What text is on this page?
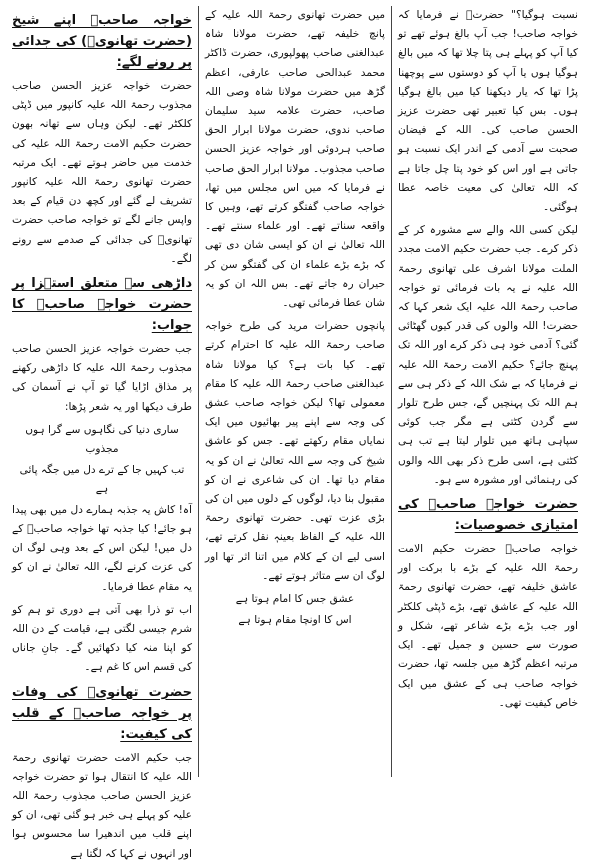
نسبت ہوگیا؟" حضرتؒ نے فرمایا کہ خواجہ صاحب! جب آپ بالغ ہوئے تھے تو کیا آپ کو پہلے ہی پتا چلا تھا کہ میں بالغ ہوگیا ہوں یا آپ کو دوستوں سے پوچھنا پڑا تھا کہ یار دیکھنا کیا میں بالغ ہوگیا ہوں۔ بس کیا تعبیر تھی حضرت عزیز الحسن صاحب کی۔ اللہ کے فیضان صحبت سے آدمی کے اندر ایک نسبت ہو جاتی ہے اور اس کو خود پتا چل جاتا ہے کہ اللہ تعالیٰ کی معیت خاصہ عطا ہوگئی۔

لیکن کسی اللہ والے سے مشورہ کر کے ذکر کرے۔ جب حضرت حکیم الامت مجدد الملت مولانا اشرف علی تھانوی رحمۃ اللہ علیہ نے یہ بات فرمائی تو خواجہ صاحب رحمۃ اللہ علیہ ایک شعر کہا کہ حضرت! اللہ والوں کی قدر کیوں گھٹائی گئی؟ آدمی خود ہی ذکر کرے اور اللہ تک پہنچ جائے؟ حکیم الامت رحمۃ اللہ علیہ نے فرمایا کہ بے شک اللہ کے ذکر ہی سے ہم اللہ تک پہنچیں گے، جس طرح تلوار سے گردن کٹتی ہے مگر جب کوئی سپاہی ہاتھ میں تلوار لیتا ہے تب ہی کٹتی ہے، اسی طرح ذکر بھی اللہ والوں کی رہنمائی اور مشورہ سے ہو۔

حضرت خواجہ صاحبؒ کی امتیازی خصوصیات:

خواجہ صاحبؒ حضرت حکیم الامت رحمۃ اللہ علیہ کے بڑے با برکت اور عاشق خلیفہ تھے، حضرت تھانوی رحمۃ اللہ علیہ کے عاشق تھے، بڑے ڈپٹی کلکٹر اور جب بڑے بڑے شاعر تھے، شکل و صورت سے حسین و جمیل تھے۔ ایک مرتبہ اعظم گڑھ میں جلسہ تھا، حضرت خواجہ صاحب ہی کے عشق میں ایک خاص کیفیت تھی۔

میں حضرت تھانوی رحمۃ اللہ علیہ کے پانچ خلیفہ تھے، حضرت مولانا شاہ عبدالغنی صاحب پھولپوری، حضرت ڈاکٹر محمد عبدالحی صاحب عارفی، اعظم گڑھ میں حضرت مولانا شاہ وصی اللہ صاحب، حضرت علامہ سید سلیمان صاحب ندوی، حضرت مولانا ابرار الحق صاحب ہردوئی اور خواجہ عزیز الحسن صاحب مجذوب۔ مولانا ابرار الحق صاحب نے فرمایا کہ میں اس مجلس میں تھا، خواجہ صاحب گفتگو کرتے تھے، وہیں کا واقعہ سناتے تھے۔ اور علماء سنتے تھے۔ اللہ تعالیٰ نے ان کو ایسی شان دی تھی کہ بڑے بڑے علماء ان کی گفتگو سن کر حیران رہ جاتے تھے۔ بس اللہ ان کو یہ شان عطا فرمائی تھی۔

پانچوں حضرات مرید کی طرح خواجہ صاحب رحمۃ اللہ علیہ کا احترام کرتے تھے۔ کیا بات ہے؟ کیا مولانا شاہ عبدالغنی صاحب رحمۃ اللہ علیہ کا مقام معمولی تھا؟ لیکن خواجہ صاحب عشق کی وجہ سے اپنے پیر بھائیوں میں ایک نمایاں مقام رکھتے تھے۔ جس کو عاشق شیخ کی وجہ سے اللہ تعالیٰ نے ان کو یہ مقام دیا تھا۔ ان کی شاعری نے ان کو مقبول بنا دیا، لوگوں کے دلوں میں ان کی بڑی عزت تھی۔ حضرت تھانوی رحمۃ اللہ علیہ کے الفاظ بعینہٖ نقل کرتے تھے، اسی لیے ان کے کلام میں اتنا اثر تھا اور لوگ ان سے متاثر ہوتے تھے۔

عشق جس کا امام ہوتا ہے

اس کا اونچا مقام ہوتا ہے

خواجہ صاحبؒ اپنے شیخ (حضرت تھانویؒ) کی جدائی پر رونے لگے:

حضرت خواجہ عزیز الحسن صاحب مجذوب رحمۃ اللہ علیہ کانپور میں ڈپٹی کلکٹر تھے۔ لیکن وہاں سے تھانہ بھون حضرت حکیم الامت رحمۃ اللہ علیہ کی خدمت میں حاضر ہوتے تھے۔ ایک مرتبہ حضرت تھانوی رحمۃ اللہ علیہ کانپور تشریف لے گئے اور کچھ دن قیام کے بعد واپس جانے لگے تو خواجہ صاحب حضرت تھانویؒ کی جدائی کے صدمے سے رونے لگے۔

داڑھی سے متعلق استہزا پر حضرت خواجہ صاحبؒ کا جواب:

جب حضرت خواجہ عزیز الحسن صاحب مجذوب رحمۃ اللہ علیہ کا داڑھی رکھنے پر مذاق اڑایا گیا تو آپ نے آسمان کی طرف دیکھا اور یہ شعر پڑھا:

ساری دنیا کی نگاہوں سے گرا ہوں مجذوب

تب کہیں جا کے ترے دل میں جگہ پائی ہے

آہ! کاش یہ جذبہ ہمارے دل میں بھی پیدا ہو جائے! کیا جذبہ تھا خواجہ صاحبؒ کے دل میں! لیکن اس کے بعد وہی لوگ ان کی عزت کرنے لگے، اللہ تعالیٰ نے ان کو یہ مقام عطا فرمایا۔

اب تو ذرا بھی آتی ہے دوری تو ہم کو شرم جیسی لگتی ہے، قیامت کے دن اللہ کو اپنا منہ کیا دکھائیں گے۔ جانِ جاناں کی قسم اس کا غم ہے۔

حضرت تھانویؒ کی وفات پر خواجہ صاحبؒ کے قلب کی کیفیت:

جب حکیم الامت حضرت تھانوی رحمۃ اللہ علیہ کا انتقال ہوا تو حضرت خواجہ عزیز الحسن صاحب مجذوب رحمۃ اللہ علیہ کو پہلے ہی خبر ہو گئی تھی، ان کو اپنے قلب میں اندھیرا سا محسوس ہوا اور انہوں نے کہا کہ لگتا ہے
